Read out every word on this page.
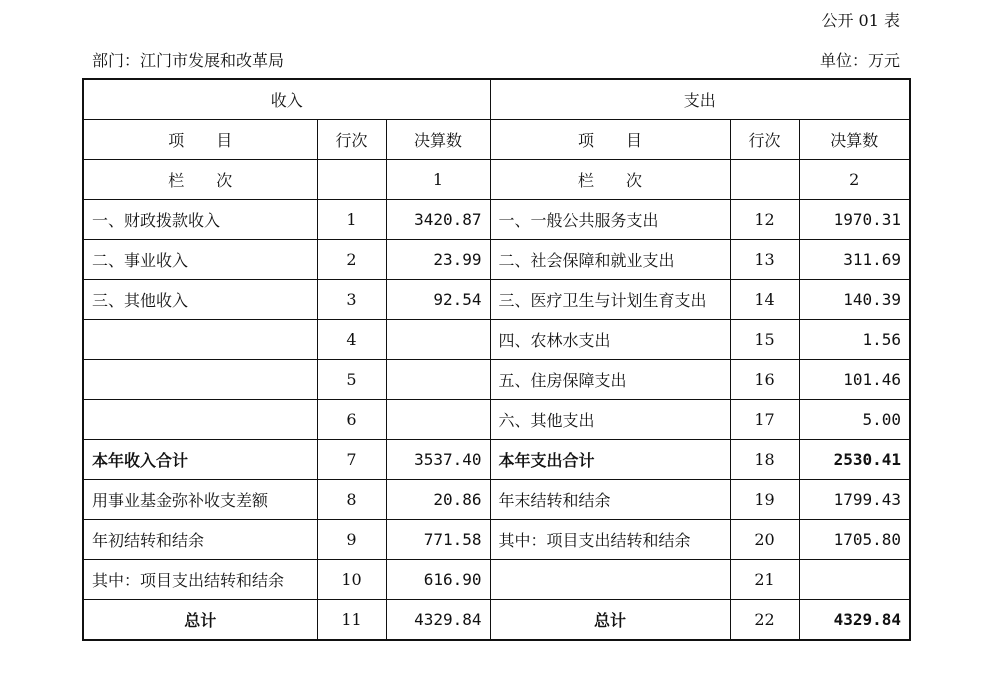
公开 01 表
部门：江门市发展和改革局	单位：万元
收入			支出		
项　　目	行次	决算数	项　　目	行次	决算数
栏　　次		1	栏　　次		2
一、财政拨款收入	1	3420.87	一、一般公共服务支出	12	1970.31
二、事业收入	2	23.99	二、社会保障和就业支出	13	311.69
三、其他收入	3	92.54	三、医疗卫生与计划生育支出	14	140.39
	4		四、农林水支出	15	1.56
	5		五、住房保障支出	16	101.46
	6		六、其他支出	17	5.00
本年收入合计	7	3537.40	本年支出合计	18	2530.41
用事业基金弥补收支差额	8	20.86	年末结转和结余	19	1799.43
年初结转和结余	9	771.58	其中：项目支出结转和结余	20	1705.80
其中：项目支出结转和结余	10	616.90		21	
总计	11	4329.84	总计	22	4329.84
